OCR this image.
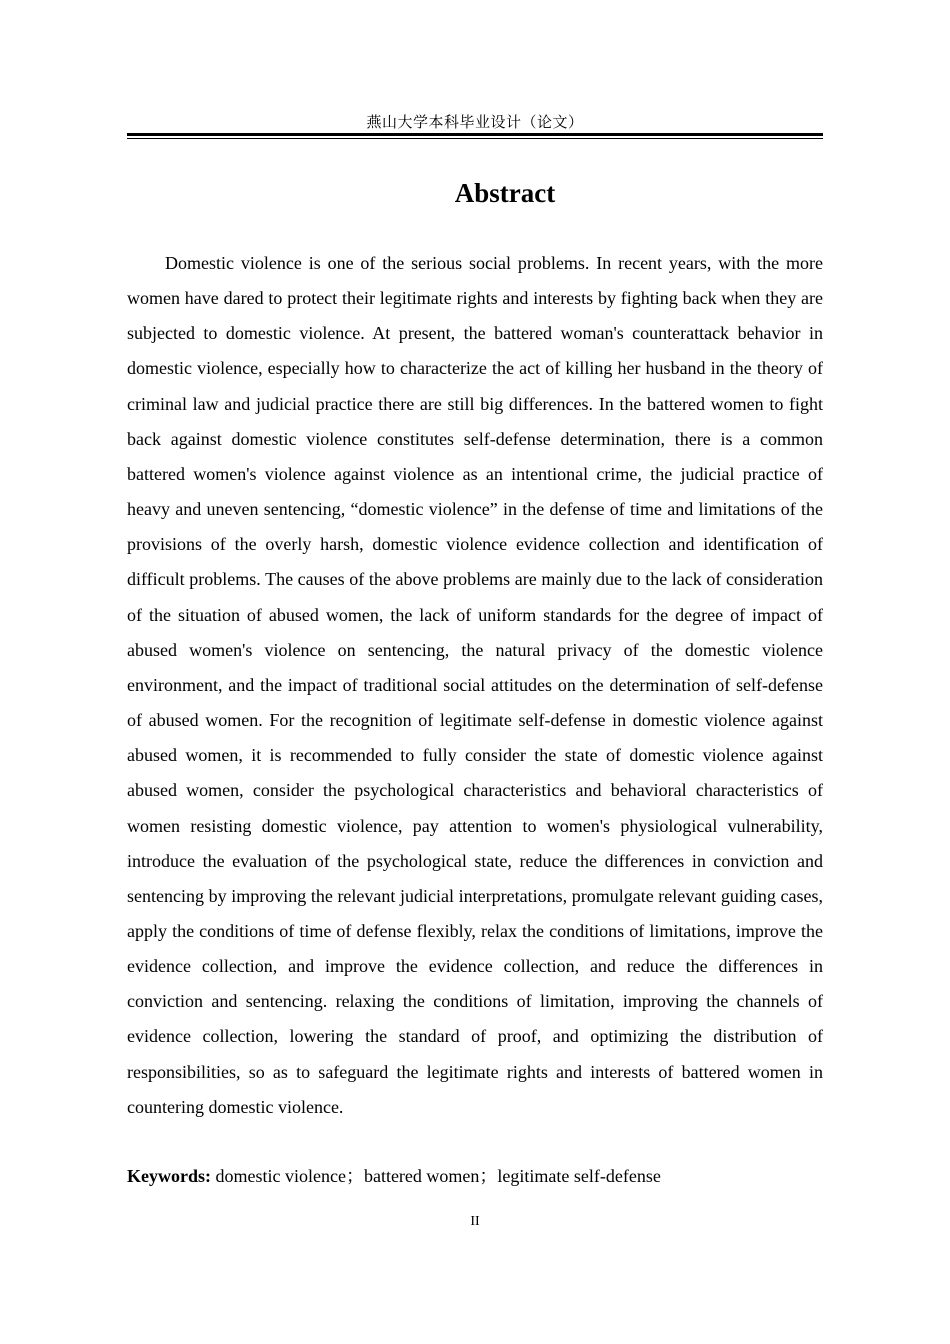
燕山大学本科毕业设计（论文）
Abstract

Domestic violence is one of the serious social problems. In recent years, with the more women have dared to protect their legitimate rights and interests by fighting back when they are subjected to domestic violence. At present, the battered woman's counterattack behavior in domestic violence, especially how to characterize the act of killing her husband in the theory of criminal law and judicial practice there are still big differences. In the battered women to fight back against domestic violence constitutes self-defense determination, there is a common battered women's violence against violence as an intentional crime, the judicial practice of heavy and uneven sentencing, “domestic violence” in the defense of time and limitations of the provisions of the overly harsh, domestic violence evidence collection and identification of difficult problems. The causes of the above problems are mainly due to the lack of consideration of the situation of abused women, the lack of uniform standards for the degree of impact of abused women's violence on sentencing, the natural privacy of the domestic violence environment, and the impact of traditional social attitudes on the determination of self-defense of abused women. For the recognition of legitimate self-defense in domestic violence against abused women, it is recommended to fully consider the state of domestic violence against abused women, consider the psychological characteristics and behavioral characteristics of women resisting domestic violence, pay attention to women's physiological vulnerability, introduce the evaluation of the psychological state, reduce the differences in conviction and sentencing by improving the relevant judicial interpretations, promulgate relevant guiding cases, apply the conditions of time of defense flexibly, relax the conditions of limitations, improve the evidence collection, and improve the evidence collection, and reduce the differences in conviction and sentencing. relaxing the conditions of limitation, improving the channels of evidence collection, lowering the standard of proof, and optimizing the distribution of responsibilities, so as to safeguard the legitimate rights and interests of battered women in countering domestic violence.

Keywords: domestic violence；battered women；legitimate self-defense

II
